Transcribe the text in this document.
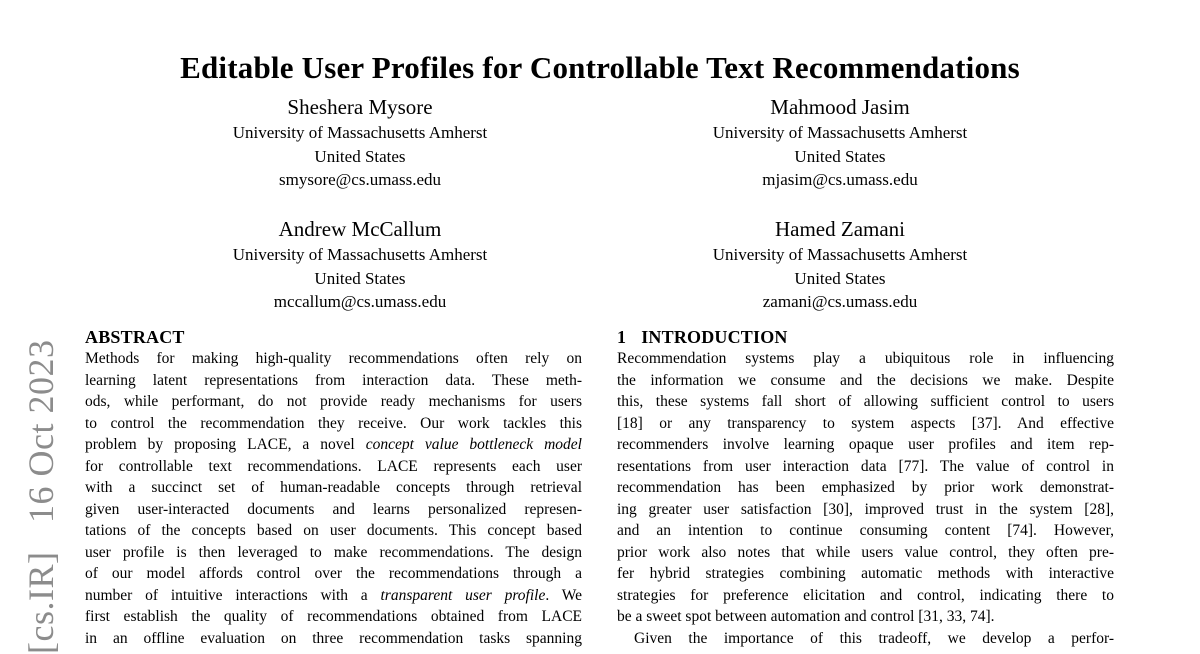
[cs.IR]   16 Oct 2023
Editable User Profiles for Controllable Text Recommendations
Sheshera Mysore
University of Massachusetts Amherst
United States
smysore@cs.umass.edu
Mahmood Jasim
University of Massachusetts Amherst
United States
mjasim@cs.umass.edu
Andrew McCallum
University of Massachusetts Amherst
United States
mccallum@cs.umass.edu
Hamed Zamani
University of Massachusetts Amherst
United States
zamani@cs.umass.edu
ABSTRACT
Methods for making high-quality recommendations often rely on
learning latent representations from interaction data. These meth-
ods, while performant, do not provide ready mechanisms for users
to control the recommendation they receive. Our work tackles this
problem by proposing LACE, a novel concept value bottleneck model
for controllable text recommendations. LACE represents each user
with a succinct set of human-readable concepts through retrieval
given user-interacted documents and learns personalized represen-
tations of the concepts based on user documents. This concept based
user profile is then leveraged to make recommendations. The design
of our model affords control over the recommendations through a
number of intuitive interactions with a transparent user profile. We
first establish the quality of recommendations obtained from LACE
in an offline evaluation on three recommendation tasks spanning
1 INTRODUCTION
Recommendation systems play a ubiquitous role in influencing
the information we consume and the decisions we make. Despite
this, these systems fall short of allowing sufficient control to users
[18] or any transparency to system aspects [37]. And effective
recommenders involve learning opaque user profiles and item rep-
resentations from user interaction data [77]. The value of control in
recommendation has been emphasized by prior work demonstrat-
ing greater user satisfaction [30], improved trust in the system [28],
and an intention to continue consuming content [74]. However,
prior work also notes that while users value control, they often pre-
fer hybrid strategies combining automatic methods with interactive
strategies for preference elicitation and control, indicating there to
be a sweet spot between automation and control [31, 33, 74].
Given the importance of this tradeoff, we develop a perfor-
